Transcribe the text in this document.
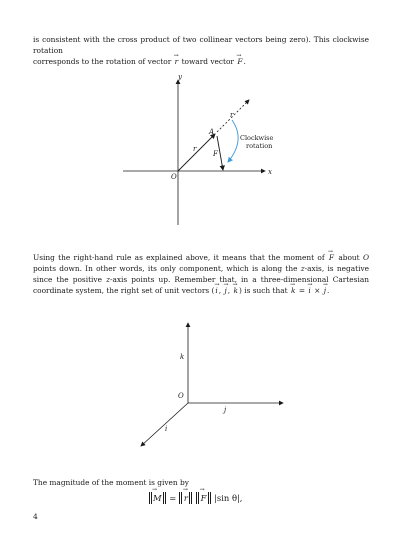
is consistent with the cross product of two collinear vectors being zero). This clockwise rotation
corresponds to the rotation of vector r → toward vector F →.
x
y
O
A
r
r
F
Clockwise
rotation
O
k
j
i
Using the right-hand rule as explained above, it means that the moment of F → about O points down. In other words, its only component, which is along the z-axis, is negative since the positive z-axis points up. Remember that, in a three-dimensional Cartesian coordinate system, the right set of unit vectors (i →, j →, k →) is such that k → = i → × j →.
The magnitude of the moment is given by
M → = r → F → |sin θ|,
4
